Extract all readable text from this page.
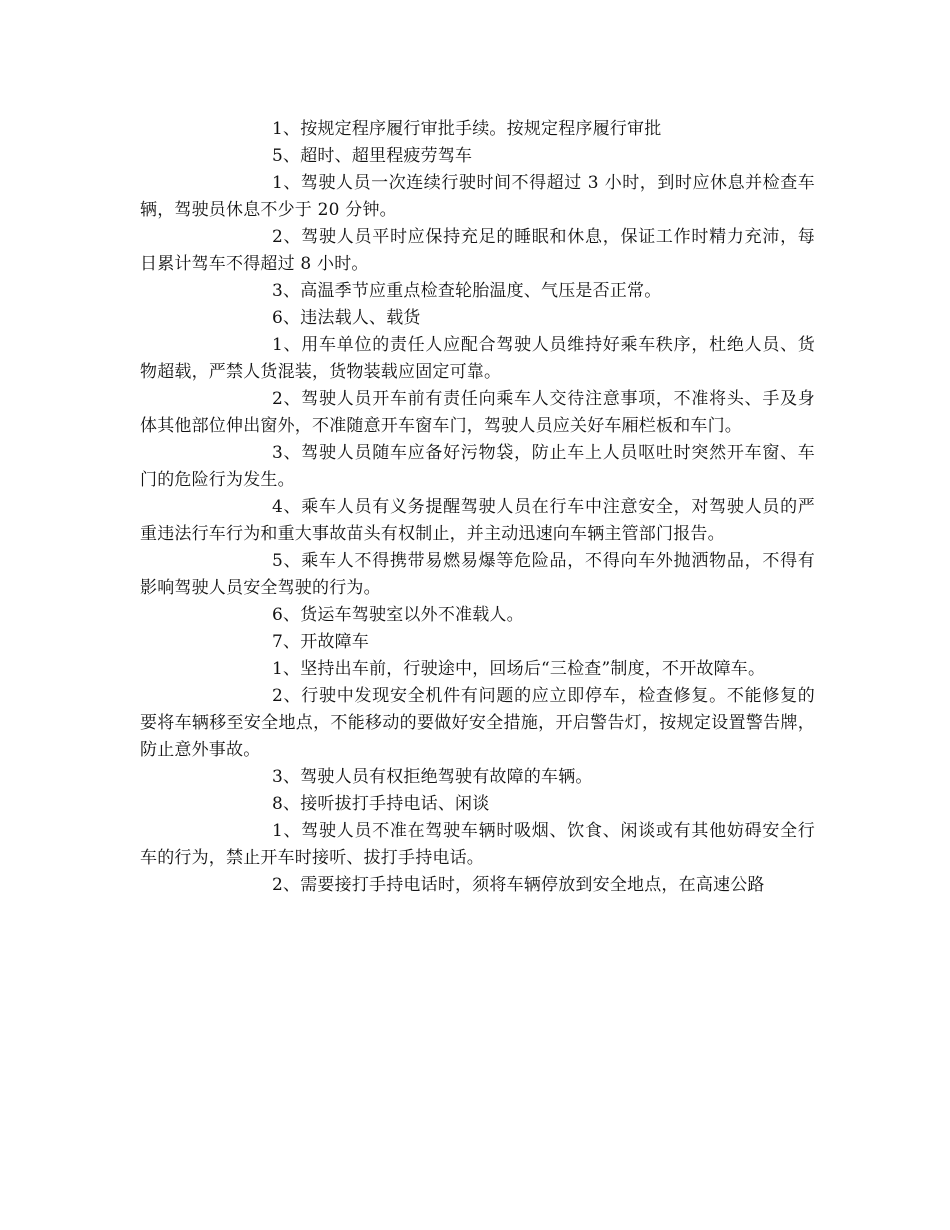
1、按规定程序履行审批手续。按规定程序履行审批

5、超时、超里程疲劳驾车

1、驾驶人员一次连续行驶时间不得超过 3 小时，到时应休息并检查车辆，驾驶员休息不少于 20 分钟。

2、驾驶人员平时应保持充足的睡眠和休息，保证工作时精力充沛，每日累计驾车不得超过 8 小时。

3、高温季节应重点检查轮胎温度、气压是否正常。

6、违法载人、载货

1、用车单位的责任人应配合驾驶人员维持好乘车秩序，杜绝人员、货物超载，严禁人货混装，货物装载应固定可靠。

2、驾驶人员开车前有责任向乘车人交待注意事项，不准将头、手及身体其他部位伸出窗外，不准随意开车窗车门，驾驶人员应关好车厢栏板和车门。

3、驾驶人员随车应备好污物袋，防止车上人员呕吐时突然开车窗、车门的危险行为发生。

4、乘车人员有义务提醒驾驶人员在行车中注意安全，对驾驶人员的严重违法行车行为和重大事故苗头有权制止，并主动迅速向车辆主管部门报告。

5、乘车人不得携带易燃易爆等危险品，不得向车外抛洒物品，不得有影响驾驶人员安全驾驶的行为。

6、货运车驾驶室以外不准载人。

7、开故障车

1、坚持出车前，行驶途中，回场后“三检查”制度，不开故障车。

2、行驶中发现安全机件有问题的应立即停车，检查修复。不能修复的要将车辆移至安全地点，不能移动的要做好安全措施，开启警告灯，按规定设置警告牌，防止意外事故。

3、驾驶人员有权拒绝驾驶有故障的车辆。

8、接听拔打手持电话、闲谈

1、驾驶人员不准在驾驶车辆时吸烟、饮食、闲谈或有其他妨碍安全行车的行为，禁止开车时接听、拔打手持电话。

2、需要接打手持电话时，须将车辆停放到安全地点，在高速公路
